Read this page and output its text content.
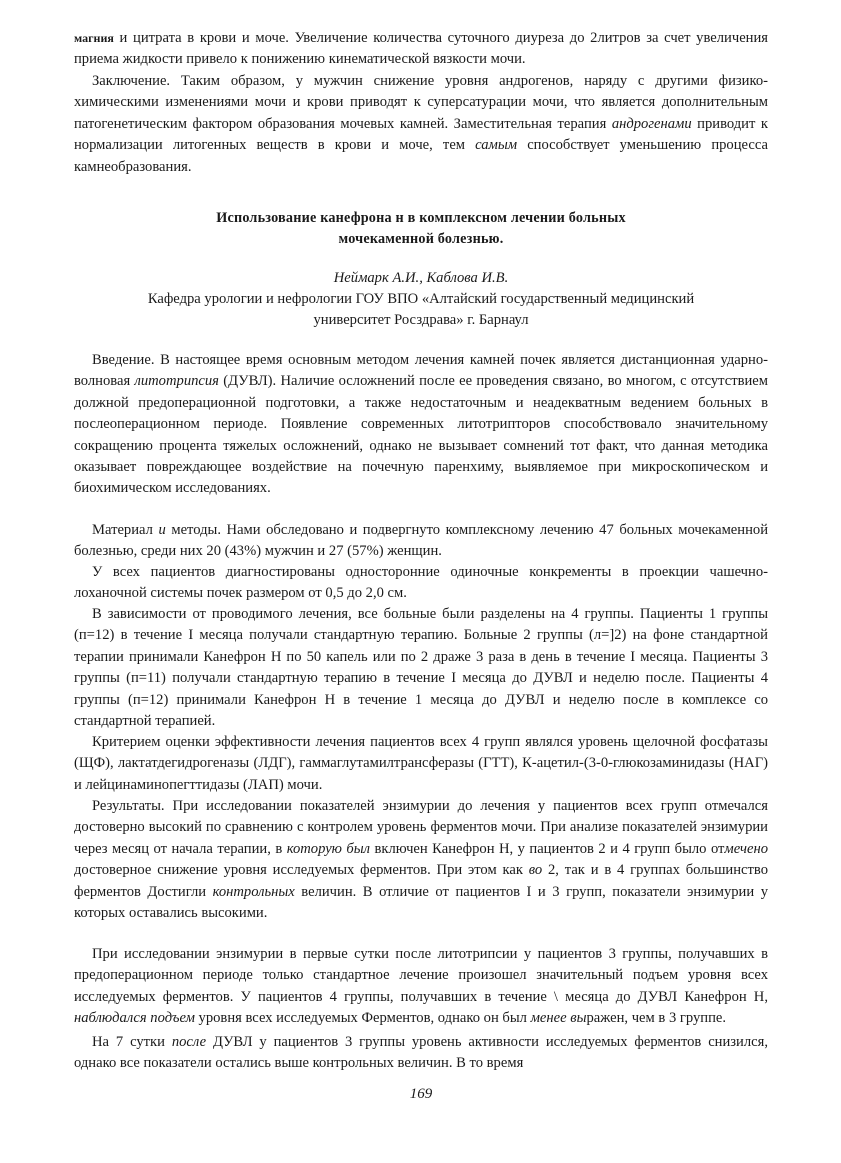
магния и цитрата в крови и моче. Увеличение количества суточного диуреза до 2литров за счет увеличения приема жидкости привело к понижению кинематической вязкости мочи.

Заключение. Таким образом, у мужчин снижение уровня андрогенов, наряду с другими физико-химическими изменениями мочи и крови приводят к суперсатурации мочи, что является дополнительным патогенетическим фактором образования мочевых камней. Заместительная терапия андрогенами приводит к нормализации литогенных веществ в крови и моче, тем самым способствует уменьшению процесса камнеобразования.

Использование канефрона н в комплексном лечении больных
мочекаменной болезнью.

Неймарк А.И., Каблова И.В.

Кафедра урологии и нефрологии ГОУ ВПО «Алтайский государственный медицинский
университет Росздрава» г. Барнаул

Введение. В настоящее время основным методом лечения камней почек является дистанционная ударно-волновая литотрипсия (ДУВЛ). Наличие осложнений после ее проведения связано, во многом, с отсутствием должной предоперационной подготовки, а также недостаточным и неадекватным ведением больных в послеоперационном периоде. Появление современных литотрипторов способствовало значительному сокращению процента тяжелых осложнений, однако не вызывает сомнений тот факт, что данная методика оказывает повреждающее воздействие на почечную паренхиму, выявляемое при микроскопическом и биохимическом исследованиях.

Материал и методы. Нами обследовано и подвергнуто комплексному лечению 47 больных мочекаменной болезнью, среди них 20 (43%) мужчин и 27 (57%) женщин.

У всех пациентов диагностированы односторонние одиночные конкременты в проекции чашечно-лоханочной системы почек размером от 0,5 до 2,0 см.

В зависимости от проводимого лечения, все больные были разделены на 4 группы. Пациенты 1 группы (п=12) в течение I месяца получали стандартную терапию. Больные 2 группы (л=]2) на фоне стандартной терапии принимали Канефрон Н по 50 капель или по 2 драже 3 раза в день в течение I месяца. Пациенты 3 группы (п=11) получали стандартную терапию в течение I месяца до ДУВЛ и неделю после. Пациенты 4 группы (п=12) принимали Канефрон Н в течение 1 месяца до ДУВЛ и неделю после в комплексе со стандартной терапией.

Критерием оценки эффективности лечения пациентов всех 4 групп являлся уровень щелочной фосфатазы (ЩФ), лактатдегидрогеназы (ЛДГ), гаммаглутамилтрансферазы (ГТТ), К-ацетил-(3-0-глюкозаминидазы (НАГ) и лейцинаминопегттидазы (ЛАП) мочи.

Результаты. При исследовании показателей энзимурии до лечения у пациентов всех групп отмечался достоверно высокий по сравнению с контролем уровень ферментов мочи. При анализе показателей энзимурии через месяц от начала терапии, в которую был включен Канефрон Н, у пациентов 2 и 4 групп было отмечено достоверное снижение уровня исследуемых ферментов. При этом как во 2, так и в 4 группах большинство ферментов Достигли контрольных величин. В отличие от пациентов I и 3 групп, показатели энзимурии у которых оставались высокими.

При исследовании энзимурии в первые сутки после литотрипсии у пациентов 3 группы, получавших в предоперационном периоде только стандартное лечение произошел значительный подъем уровня всех исследуемых ферментов. У пациентов 4 группы, получавших в течение \ месяца до ДУВЛ Канефрон Н, наблюдался подъем уровня всех исследуемых Ферментов, однако он был менее выражен, чем в 3 группе.

На 7 сутки после ДУВЛ у пациентов 3 группы уровень активности исследуемых ферментов снизился, однако все показатели остались выше контрольных величин. В то время

169
